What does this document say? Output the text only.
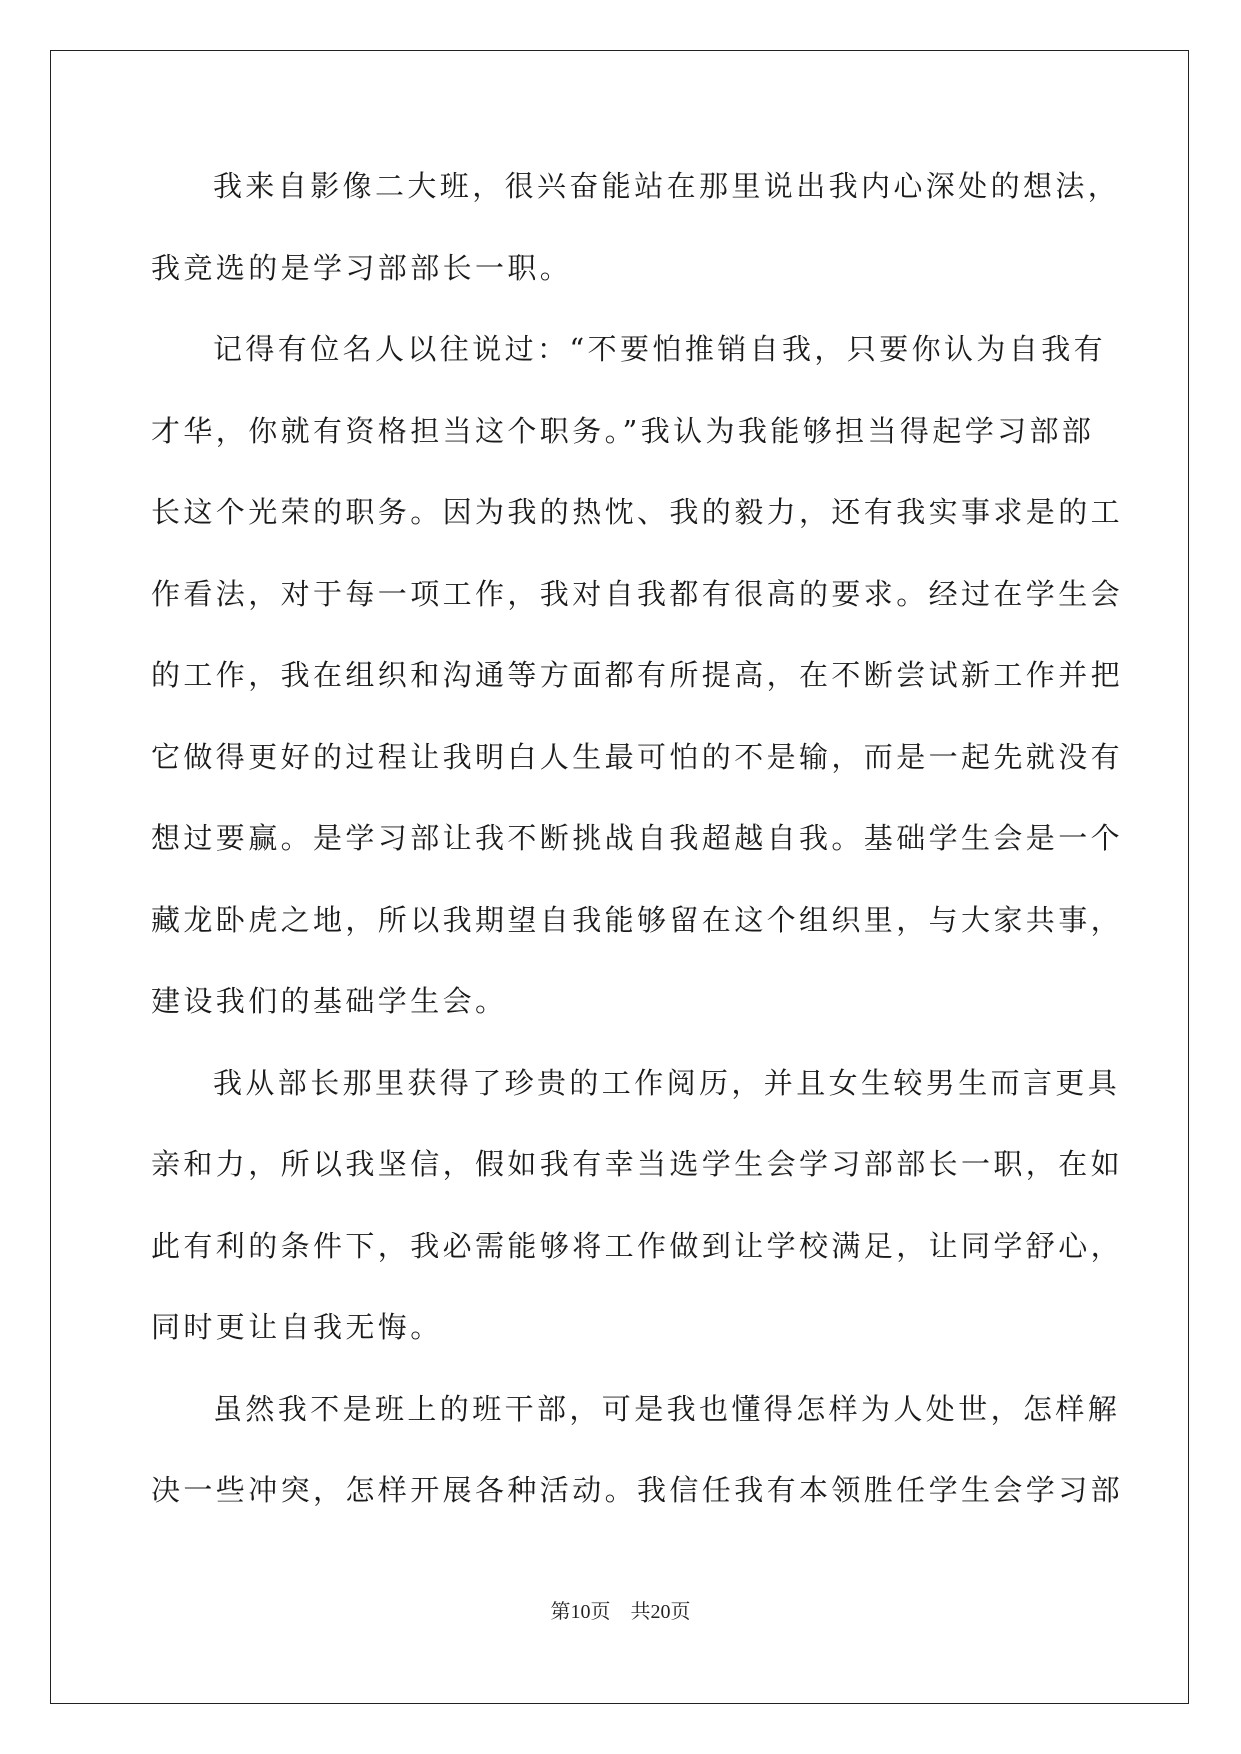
我来自影像二大班，很兴奋能站在那里说出我内心深处的想法，
我竞选的是学习部部长一职。
记得有位名人以往说过：“不要怕推销自我，只要你认为自我有
才华，你就有资格担当这个职务。”我认为我能够担当得起学习部部
长这个光荣的职务。因为我的热忱、我的毅力，还有我实事求是的工
作看法，对于每一项工作，我对自我都有很高的要求。经过在学生会
的工作，我在组织和沟通等方面都有所提高，在不断尝试新工作并把
它做得更好的过程让我明白人生最可怕的不是输，而是一起先就没有
想过要赢。是学习部让我不断挑战自我超越自我。基础学生会是一个
藏龙卧虎之地，所以我期望自我能够留在这个组织里，与大家共事，
建设我们的基础学生会。
我从部长那里获得了珍贵的工作阅历，并且女生较男生而言更具
亲和力，所以我坚信，假如我有幸当选学生会学习部部长一职，在如
此有利的条件下，我必需能够将工作做到让学校满足，让同学舒心，
同时更让自我无悔。
虽然我不是班上的班干部，可是我也懂得怎样为人处世，怎样解
决一些冲突，怎样开展各种活动。我信任我有本领胜任学生会学习部
第10页　共20页
